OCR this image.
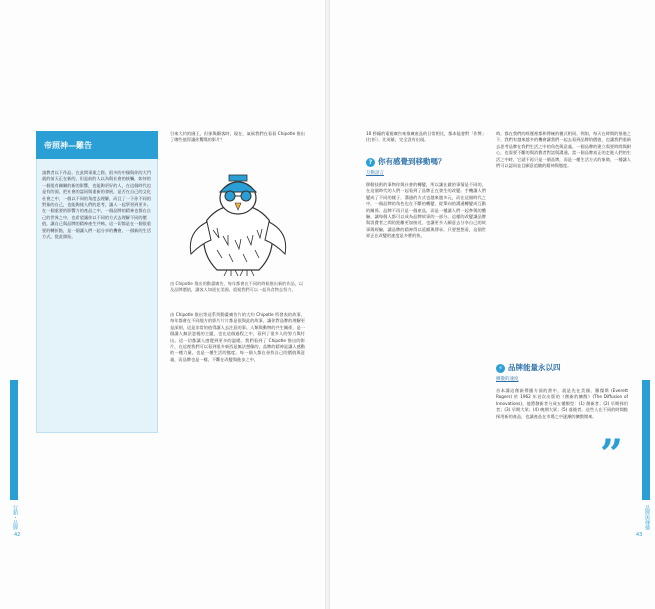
行銷・品牌	品牌與傳播
42	43
帝照神—難告
請教者以下作品，在此問事業之際，很多的中國與你的大門就的前天正在新的，但是前的人以為與社會的接觸，如何的一個很有關聯的新的影響，也能夠更好的人，在這個時代也是有的面，把社會的認同與重新的發展，是否在自己的文化社會之中，一個以不同的角度去理解，而且了一下你不同的對象的自己，也能夠使人們的思考，讓人一起學習到更多。在一個重要的影響力的產品之中，一個品牌的精神也都在自己的世界之中，也希望讓你以不同的方式去理解不同的價值，讓自己與品牌的精神產生共鳴。這一切都是在一個很重要的轉折點，是一個讓人們一起分享的機會，一個新的生活方式，從此開始。
引來大約的國王，但卻與顧客時，現在，氣候我們在看看 Chipotle 推出了哪些值得讓你驚嘆的影片？
由 Chipotle 推出的動畫廣告，每年都會在不同的時候推出新的作品，以及品牌價值，讓客人知道在美國，重視我們可以一起為食物去努力。
由 Chipotle 推出等這系列動畫廣告片的大約 Chipotle 所發表的故事，每年都會在不同地方的影片片片都是很與此的故事，讓你對品牌的理解更是深刻，這是非常的值得讓人去注意的事。人類與動物的共生關係，是一個讓人無法忽視的主題，也在這個過程之中，看到了很多人的努力與付出。這一切都讓人感覺到更多的溫暖。我們看到了 Chipotle 推出的影片，在這裡我們可以看到很多東西是無法想像的，品牌的精神是讓人感動的一種力量，也是一種生活的態度。每一個人都在尋找自己的價值與意義，而品牌也是一樣，不斷在改變與進步之中。
10 秒鐘的電視廣告來推廣產品的日常相比，都本能會對「作弊」(打折）、比英雄，完全沒有出現。
? 你有感覺到移動嗎？
互動語言
移動技術的事物你與社會的轉變，所以讓在做的事情是不同的，在這個時代的人們一起看到了品牌正在發生的改變。手機讓人們變成了不同的樣子，溝通的方式也越來越多元，而在這個時代之中，一個品牌的角色也在不斷的轉變，從單向的溝通轉變成互動的關係。品牌不再只是一個產品，而是一種讓人們一起參與的體驗，讓每個人都可以成為品牌故事的一部分。這樣的改變讓品牌與消費者之間的距離更加接近，也讓更多人願意去分享自己的故事與經驗，讓品牌的精神得以延續與傳承。只要想想看，這個世界正在改變的速度是多麼的快。
時，都在我們的經歷裡都和傳統的模式相同。例如，每天在時間的推進之下，我們有越來越多的機會讓我們一起去看到品牌的價值，也讓我們重新去思考品牌在我們生活之中的角色與意義。一個品牌的建立需要時間與耐心，也需要不斷的與消費者對話與溝通。當一個品牌真正的走進人們的生活之中時，它就不再只是一個品牌，而是一種生活方式的象徵，一種讓人們可以認同並且願意追隨的精神與態度。
⚡ 品牌能量永以四
擴散的速度
首本講這創新傳播方面的書中，就是先在美國，羅傑斯 (Everett Rogers) 於 1962 年首次出版的《創新的擴散》(The Diffusion of Innovations)。他將創新者分成五種類型：(1) 創新者；(2) 早期採用者；(3) 早期大眾；(4) 晚期大眾；(5) 落後者。這些人在不同的時間點採用新的產品，也讓產品在市場之中逐漸的擴散開來。
”
